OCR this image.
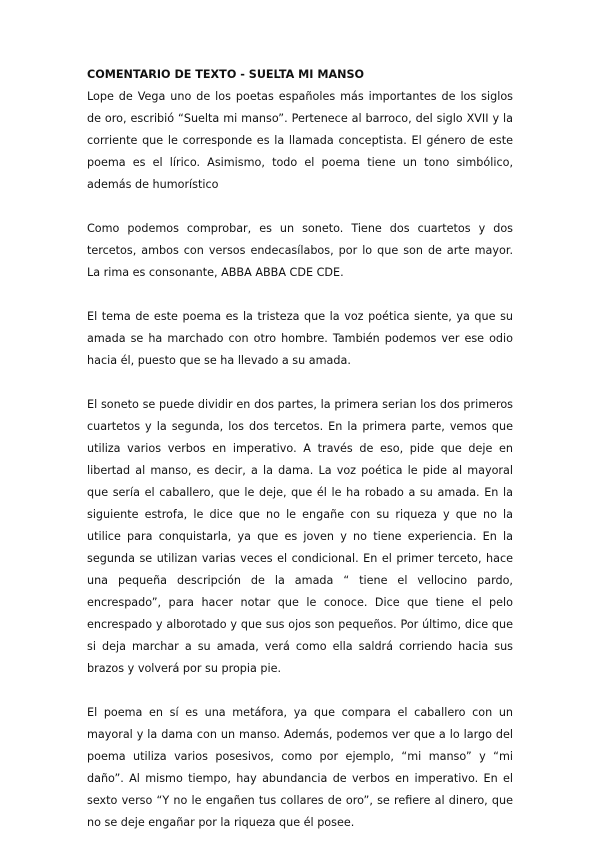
COMENTARIO DE TEXTO - SUELTA MI MANSO

Lope de Vega uno de los poetas españoles más importantes de los siglos de oro, escribió “Suelta mi manso”. Pertenece al barroco, del siglo XVII y la corriente que le corresponde es la llamada conceptista. El género de este poema es el lírico. Asimismo, todo el poema tiene un tono simbólico, además de humorístico

Como podemos comprobar, es un soneto. Tiene dos cuartetos y dos tercetos, ambos con versos endecasílabos, por lo que son de arte mayor. La rima es consonante, ABBA ABBA CDE CDE.

El tema de este poema es la tristeza que la voz poética siente, ya que su amada se ha marchado con otro hombre. También podemos ver ese odio hacia él, puesto que se ha llevado a su amada.

El soneto se puede dividir en dos partes, la primera serian los dos primeros cuartetos y la segunda, los dos tercetos. En la primera parte, vemos que utiliza varios verbos en imperativo. A través de eso, pide que deje en libertad al manso, es decir, a la dama. La voz poética le pide al mayoral que sería el caballero, que le deje, que él le ha robado a su amada. En la siguiente estrofa, le dice que no le engañe con su riqueza y que no la utilice para conquistarla, ya que es joven y no tiene experiencia. En la segunda se utilizan varias veces el condicional. En el primer terceto, hace una pequeña descripción de la amada “ tiene el vellocino pardo, encrespado”, para hacer notar que le conoce. Dice que tiene el pelo encrespado y alborotado y que sus ojos son pequeños. Por último, dice que si deja marchar a su amada, verá como ella saldrá corriendo hacia sus brazos y volverá por su propia pie.

El poema en sí es una metáfora, ya que compara el caballero con un mayoral y la dama con un manso. Además, podemos ver que a lo largo del poema utiliza varios posesivos, como por ejemplo, “mi manso” y “mi daño”. Al mismo tiempo, hay abundancia de verbos en imperativo. En el sexto verso “Y no le engañen tus collares de oro”, se refiere al dinero, que no se deje engañar por la riqueza que él posee.
